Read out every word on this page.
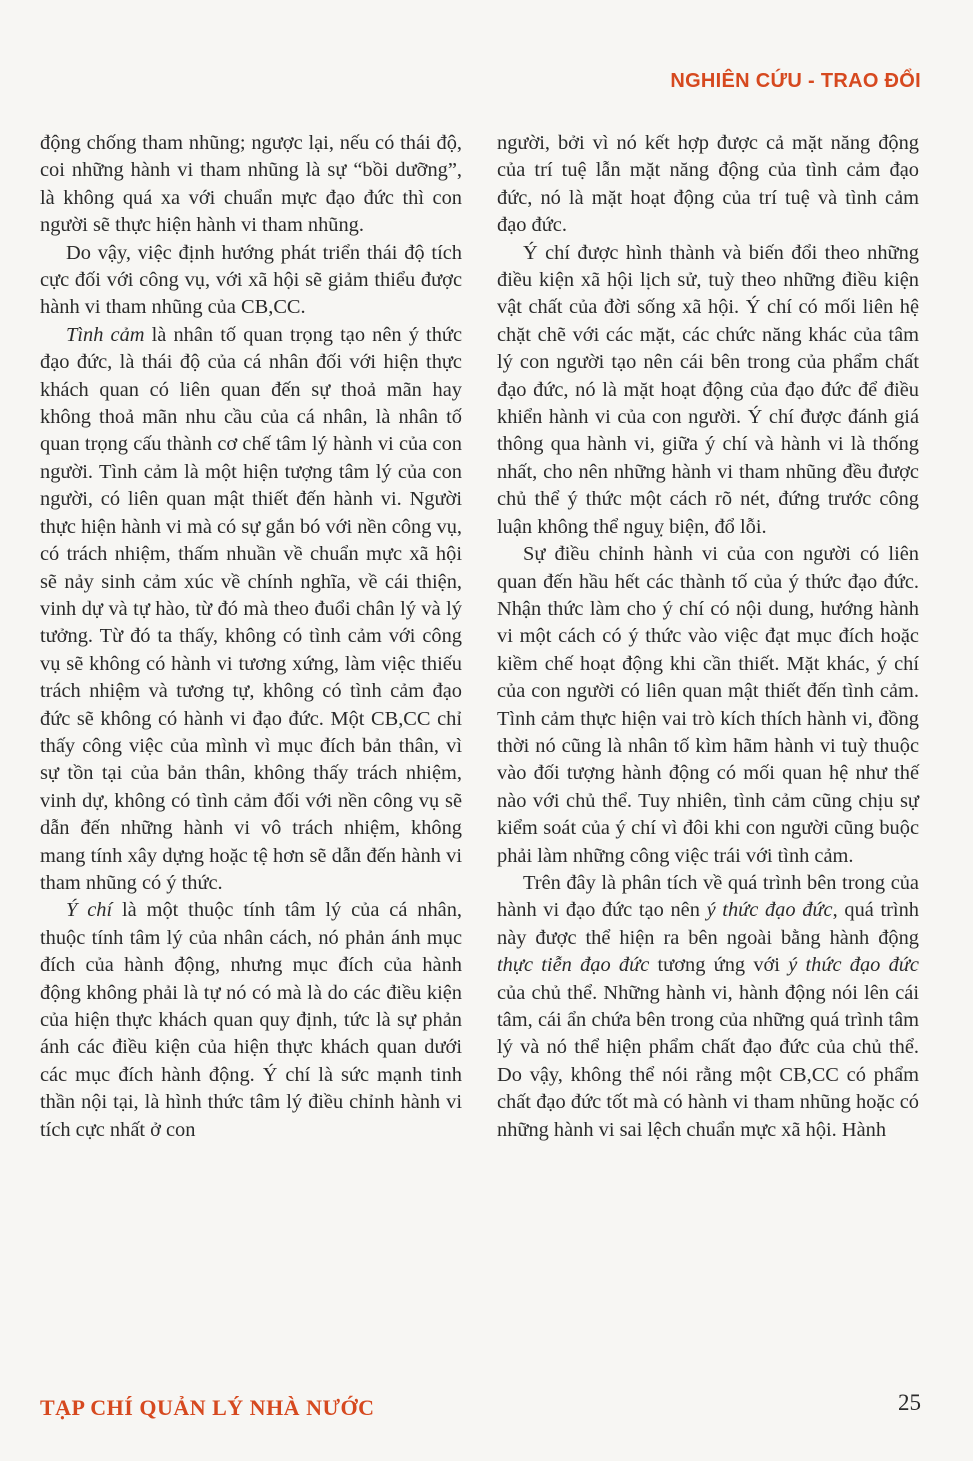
NGHIÊN CỨU - TRAO ĐỔI

động chống tham nhũng; ngược lại, nếu có thái độ, coi những hành vi tham nhũng là sự “bồi dưỡng”, là không quá xa với chuẩn mực đạo đức thì con người sẽ thực hiện hành vi tham nhũng.

Do vậy, việc định hướng phát triển thái độ tích cực đối với công vụ, với xã hội sẽ giảm thiểu được hành vi tham nhũng của CB,CC.

Tình cảm là nhân tố quan trọng tạo nên ý thức đạo đức, là thái độ của cá nhân đối với hiện thực khách quan có liên quan đến sự thoả mãn hay không thoả mãn nhu cầu của cá nhân, là nhân tố quan trọng cấu thành cơ chế tâm lý hành vi của con người. Tình cảm là một hiện tượng tâm lý của con người, có liên quan mật thiết đến hành vi. Người thực hiện hành vi mà có sự gắn bó với nền công vụ, có trách nhiệm, thấm nhuần về chuẩn mực xã hội sẽ nảy sinh cảm xúc về chính nghĩa, về cái thiện, vinh dự và tự hào, từ đó mà theo đuổi chân lý và lý tưởng. Từ đó ta thấy, không có tình cảm với công vụ sẽ không có hành vi tương xứng, làm việc thiếu trách nhiệm và tương tự, không có tình cảm đạo đức sẽ không có hành vi đạo đức. Một CB,CC chỉ thấy công việc của mình vì mục đích bản thân, vì sự tồn tại của bản thân, không thấy trách nhiệm, vinh dự, không có tình cảm đối với nền công vụ sẽ dẫn đến những hành vi vô trách nhiệm, không mang tính xây dựng hoặc tệ hơn sẽ dẫn đến hành vi tham nhũng có ý thức.

Ý chí là một thuộc tính tâm lý của cá nhân, thuộc tính tâm lý của nhân cách, nó phản ánh mục đích của hành động, nhưng mục đích của hành động không phải là tự nó có mà là do các điều kiện của hiện thực khách quan quy định, tức là sự phản ánh các điều kiện của hiện thực khách quan dưới các mục đích hành động. Ý chí là sức mạnh tinh thần nội tại, là hình thức tâm lý điều chỉnh hành vi tích cực nhất ở con

người, bởi vì nó kết hợp được cả mặt năng động của trí tuệ lẫn mặt năng động của tình cảm đạo đức, nó là mặt hoạt động của trí tuệ và tình cảm đạo đức.

Ý chí được hình thành và biến đổi theo những điều kiện xã hội lịch sử, tuỳ theo những điều kiện vật chất của đời sống xã hội. Ý chí có mối liên hệ chặt chẽ với các mặt, các chức năng khác của tâm lý con người tạo nên cái bên trong của phẩm chất đạo đức, nó là mặt hoạt động của đạo đức để điều khiển hành vi của con người. Ý chí được đánh giá thông qua hành vi, giữa ý chí và hành vi là thống nhất, cho nên những hành vi tham nhũng đều được chủ thể ý thức một cách rõ nét, đứng trước công luận không thể nguỵ biện, đổ lỗi.

Sự điều chỉnh hành vi của con người có liên quan đến hầu hết các thành tố của ý thức đạo đức. Nhận thức làm cho ý chí có nội dung, hướng hành vi một cách có ý thức vào việc đạt mục đích hoặc kiềm chế hoạt động khi cần thiết. Mặt khác, ý chí của con người có liên quan mật thiết đến tình cảm. Tình cảm thực hiện vai trò kích thích hành vi, đồng thời nó cũng là nhân tố kìm hãm hành vi tuỳ thuộc vào đối tượng hành động có mối quan hệ như thế nào với chủ thể. Tuy nhiên, tình cảm cũng chịu sự kiểm soát của ý chí vì đôi khi con người cũng buộc phải làm những công việc trái với tình cảm.

Trên đây là phân tích về quá trình bên trong của hành vi đạo đức tạo nên ý thức đạo đức, quá trình này được thể hiện ra bên ngoài bằng hành động thực tiễn đạo đức tương ứng với ý thức đạo đức của chủ thể. Những hành vi, hành động nói lên cái tâm, cái ẩn chứa bên trong của những quá trình tâm lý và nó thể hiện phẩm chất đạo đức của chủ thể. Do vậy, không thể nói rằng một CB,CC có phẩm chất đạo đức tốt mà có hành vi tham nhũng hoặc có những hành vi sai lệch chuẩn mực xã hội. Hành

TẠP CHÍ QUẢN LÝ NHÀ NƯỚC	25
